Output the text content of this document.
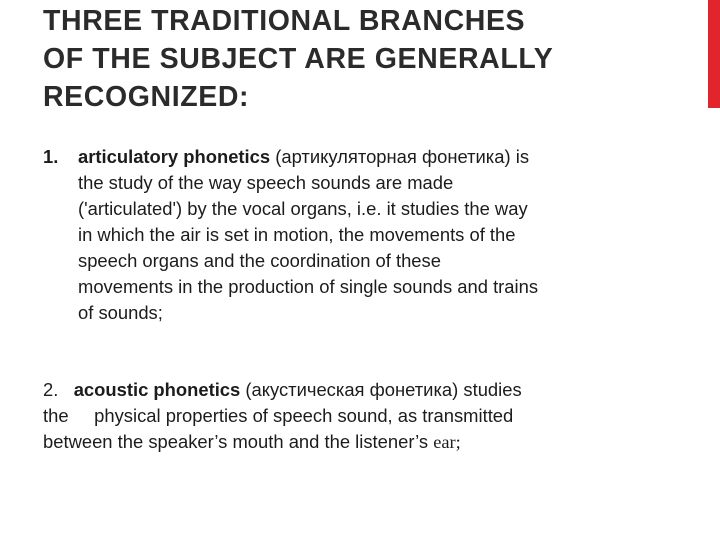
THREE TRADITIONAL BRANCHES
OF THE SUBJECT ARE GENERALLY
RECOGNIZED:
1. articulatory phonetics (артикуляторная фонетика) is
the study of the way speech sounds are made
('articulated') by the vocal organs, i.e. it studies the way
in which the air is set in motion, the movements of the
speech organs and the coordination of these
movements in the production of single sounds and trains
of sounds;
2. acoustic phonetics (акустическая фонетика) studies
the physical properties of speech sound, as transmitted
between the speaker’s mouth and the listener’s ear;
